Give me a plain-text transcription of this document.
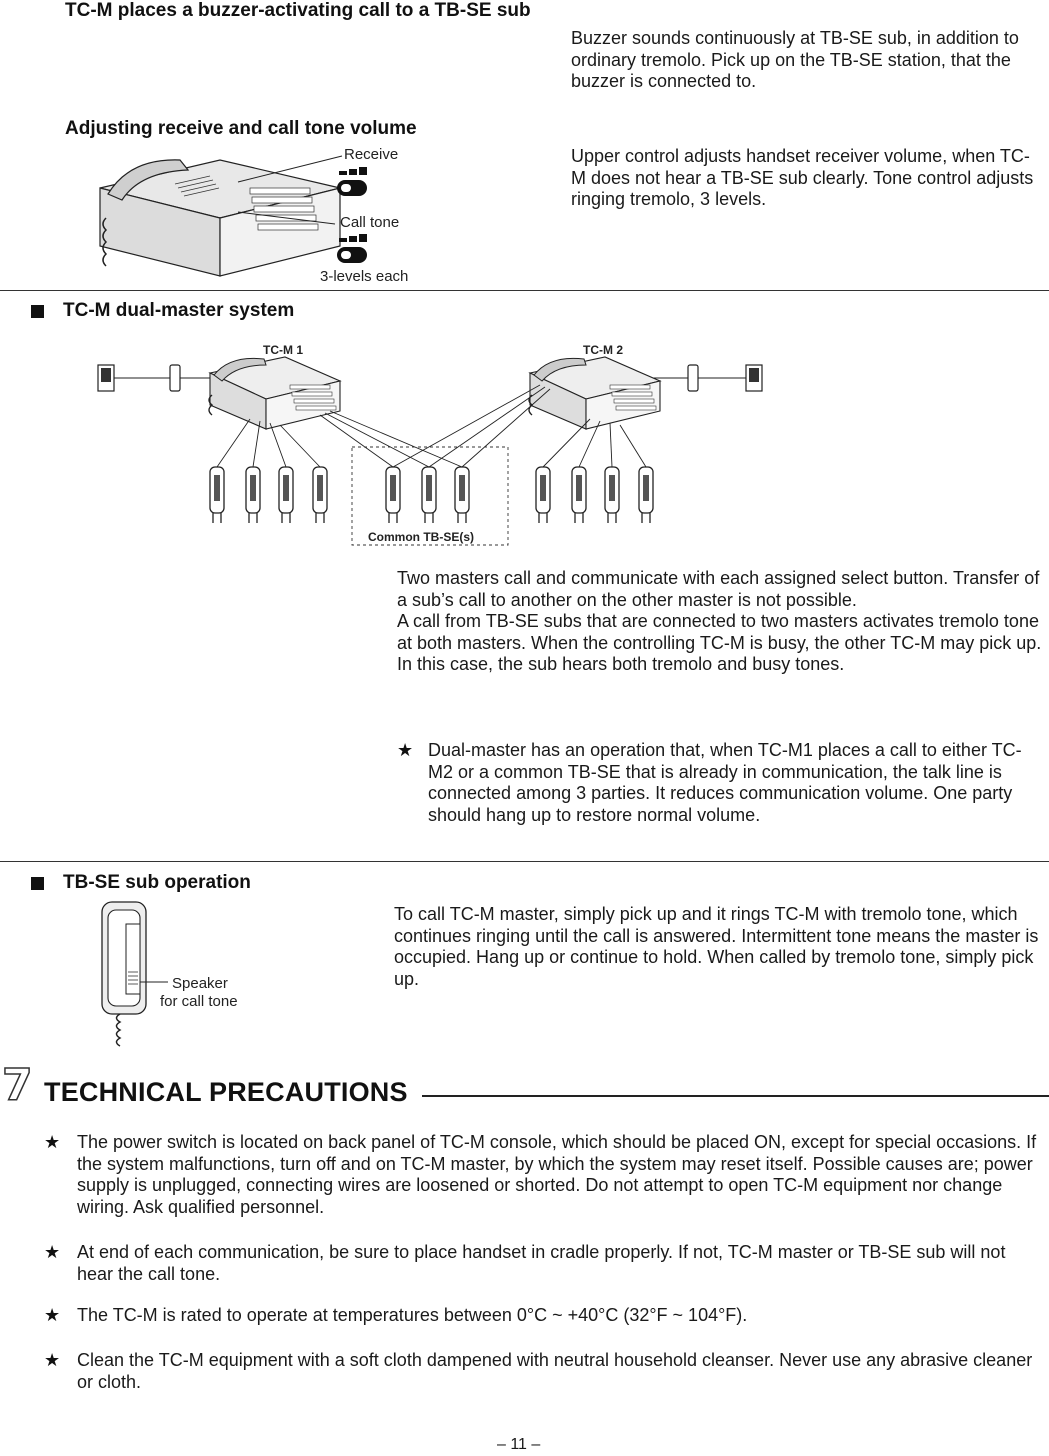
TC-M places a buzzer-activating call to a TB-SE sub
Buzzer sounds continuously at TB-SE sub, in addition to ordinary tremolo. Pick up on the TB-SE station, that the buzzer is connected to.
Adjusting receive and call tone volume
Receive
Call tone
3-levels each
Upper control adjusts handset receiver volume, when TC-M does not hear a TB-SE sub clearly. Tone control adjusts ringing tremolo, 3 levels.
TC-M dual-master system
TC-M 1	TC-M 2
Common TB-SE(s)

Two masters call and communicate with each assigned select button. Transfer of a sub’s call to another on the other master is not possible.

A call from TB-SE subs that are connected to two masters activates tremolo tone at both masters. When the controlling TC-M is busy, the other TC-M may pick up. In this case, the sub hears both tremolo and busy tones.

★ Dual-master has an operation that, when TC-M1 places a call to either TC-M2 or a common TB-SE that is already in communication, the talk line is connected among 3 parties. It reduces communication volume. One party should hang up to restore normal volume.
TB-SE sub operation
Speaker
for call tone
To call TC-M master, simply pick up and it rings TC-M with tremolo tone, which continues ringing until the call is answered. Intermittent tone means the master is occupied. Hang up or continue to hold. When called by tremolo tone, simply pick up.
7 TECHNICAL PRECAUTIONS
★ The power switch is located on back panel of TC-M console, which should be placed ON, except for special occasions. If the system malfunctions, turn off and on TC-M master, by which the system may reset itself. Possible causes are; power supply is unplugged, connecting wires are loosened or shorted. Do not attempt to open TC-M equipment nor change wiring. Ask qualified personnel.
★ At end of each communication, be sure to place handset in cradle properly. If not, TC-M master or TB-SE sub will not hear the call tone.
★ The TC-M is rated to operate at temperatures between 0°C ~ +40°C (32°F ~ 104°F).
★ Clean the TC-M equipment with a soft cloth dampened with neutral household cleanser. Never use any abrasive cleaner or cloth.
– 11 –
